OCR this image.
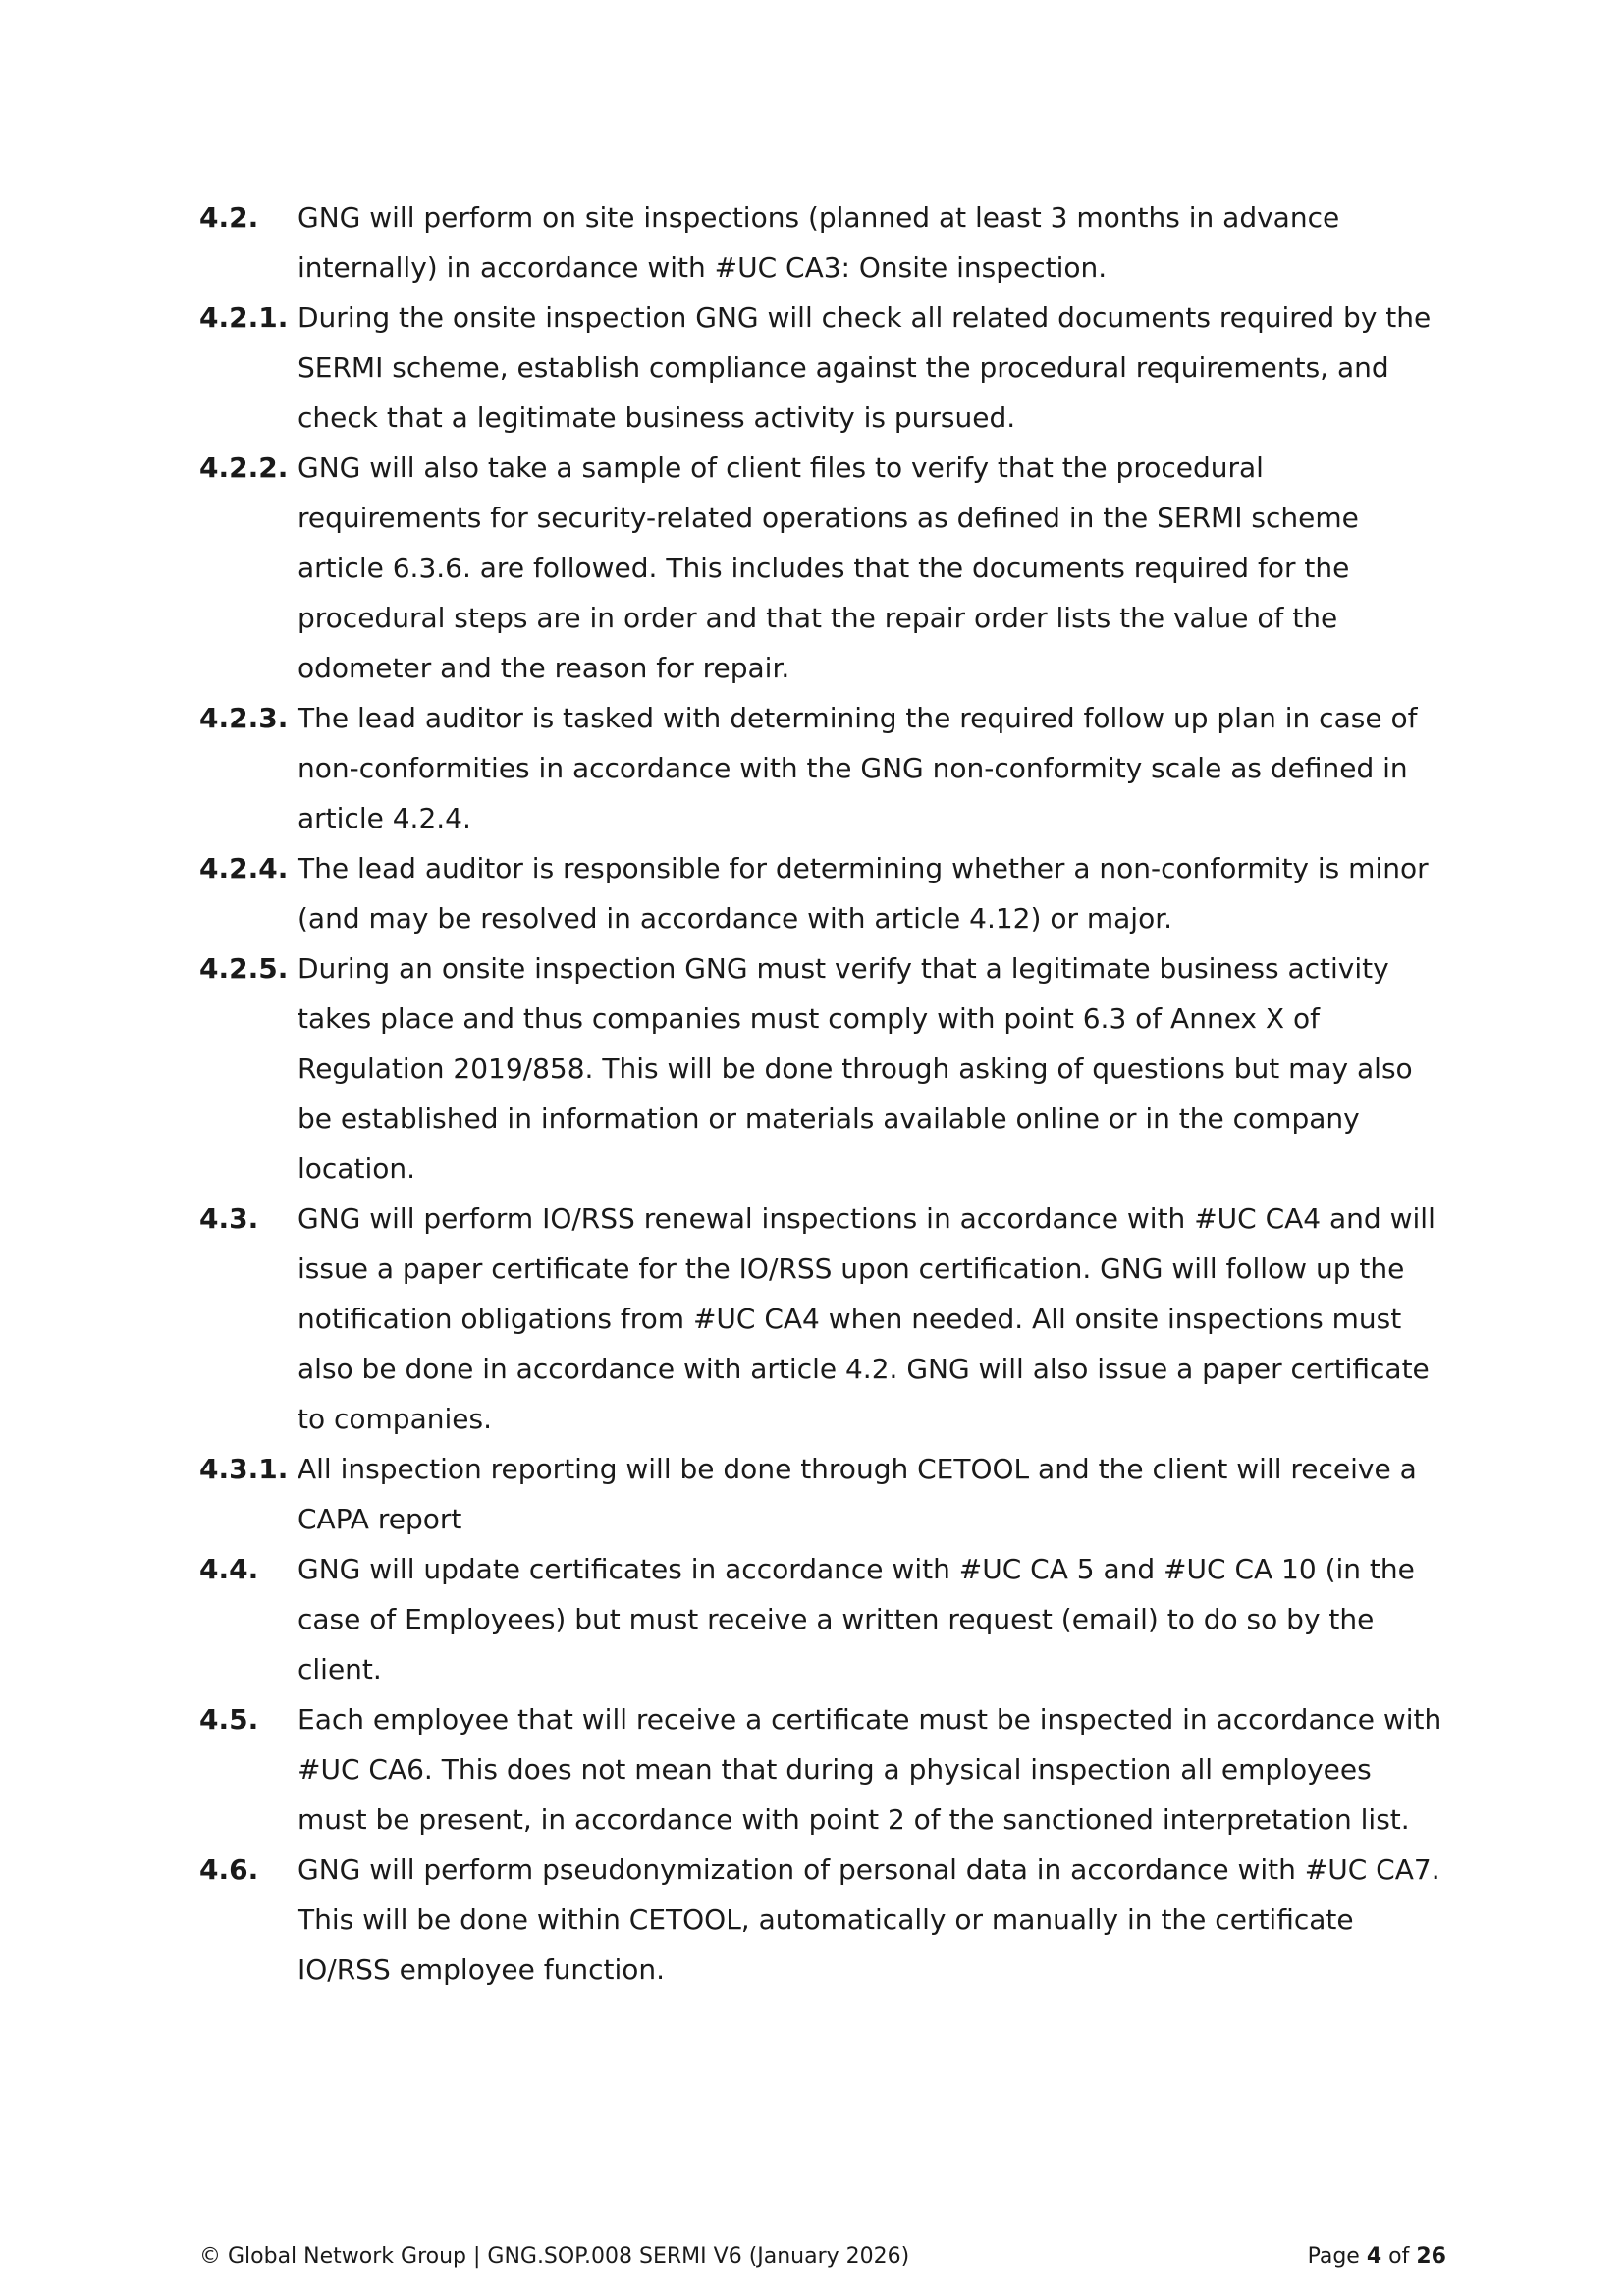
4.2.	GNG will perform on site inspections (planned at least 3 months in advance internally) in accordance with #UC CA3: Onsite inspection.
4.2.1. During the onsite inspection GNG will check all related documents required by the SERMI scheme, establish compliance against the procedural requirements, and check that a legitimate business activity is pursued.
4.2.2. GNG will also take a sample of client files to verify that the procedural requirements for security-related operations as defined in the SERMI scheme article 6.3.6. are followed. This includes that the documents required for the procedural steps are in order and that the repair order lists the value of the odometer and the reason for repair.
4.2.3. The lead auditor is tasked with determining the required follow up plan in case of non-conformities in accordance with the GNG non-conformity scale as defined in article 4.2.4.
4.2.4. The lead auditor is responsible for determining whether a non-conformity is minor (and may be resolved in accordance with article 4.12) or major.
4.2.5. During an onsite inspection GNG must verify that a legitimate business activity takes place and thus companies must comply with point 6.3 of Annex X of Regulation 2019/858. This will be done through asking of questions but may also be established in information or materials available online or in the company location.
4.3.	GNG will perform IO/RSS renewal inspections in accordance with #UC CA4 and will issue a paper certificate for the IO/RSS upon certification. GNG will follow up the notification obligations from #UC CA4 when needed. All onsite inspections must also be done in accordance with article 4.2. GNG will also issue a paper certificate to companies.
4.3.1. All inspection reporting will be done through CETOOL and the client will receive a CAPA report
4.4.	GNG will update certificates in accordance with #UC CA 5 and #UC CA 10 (in the case of Employees) but must receive a written request (email) to do so by the client.
4.5.	Each employee that will receive a certificate must be inspected in accordance with #UC CA6. This does not mean that during a physical inspection all employees must be present, in accordance with point 2 of the sanctioned interpretation list.
4.6.	GNG will perform pseudonymization of personal data in accordance with #UC CA7. This will be done within CETOOL, automatically or manually in the certificate IO/RSS employee function.
© Global Network Group | GNG.SOP.008 SERMI V6 (January 2026)	Page 4 of 26
